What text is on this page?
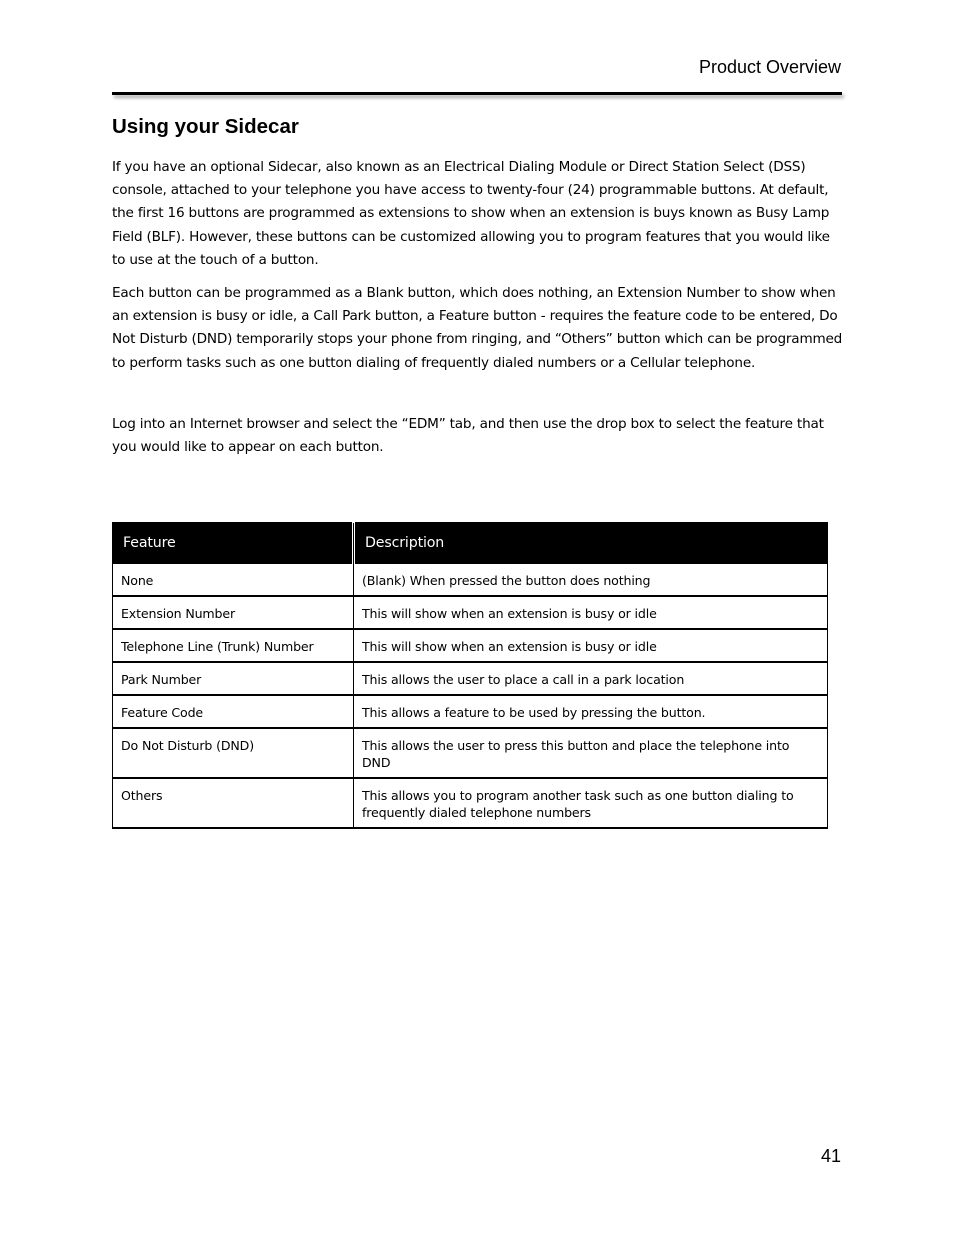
Product Overview
Using your Sidecar

If you have an optional Sidecar, also known as an Electrical Dialing Module or Direct Station Select (DSS) console, attached to your telephone you have access to twenty-four (24) programmable buttons. At default, the first 16 buttons are programmed as extensions to show when an extension is buys known as Busy Lamp Field (BLF). However, these buttons can be customized allowing you to program features that you would like to use at the touch of a button.

Each button can be programmed as a Blank button, which does nothing, an Extension Number to show when an extension is busy or idle, a Call Park button, a Feature button - requires the feature code to be entered, Do Not Disturb (DND) temporarily stops your phone from ringing, and “Others” button which can be programmed to perform tasks such as one button dialing of frequently dialed numbers or a Cellular telephone.

Log into an Internet browser and select the “EDM” tab, and then use the drop box to select the feature that you would like to appear on each button.

Feature	Description
None	(Blank) When pressed the button does nothing
Extension Number	This will show when an extension is busy or idle
Telephone Line (Trunk) Number	This will show when an extension is busy or idle
Park Number	This allows the user to place a call in a park location
Feature Code	This allows a feature to be used by pressing the button.
Do Not Disturb (DND)	This allows the user to press this button and place the telephone into DND
Others	This allows you to program another task such as one button dialing to frequently dialed telephone numbers
41
